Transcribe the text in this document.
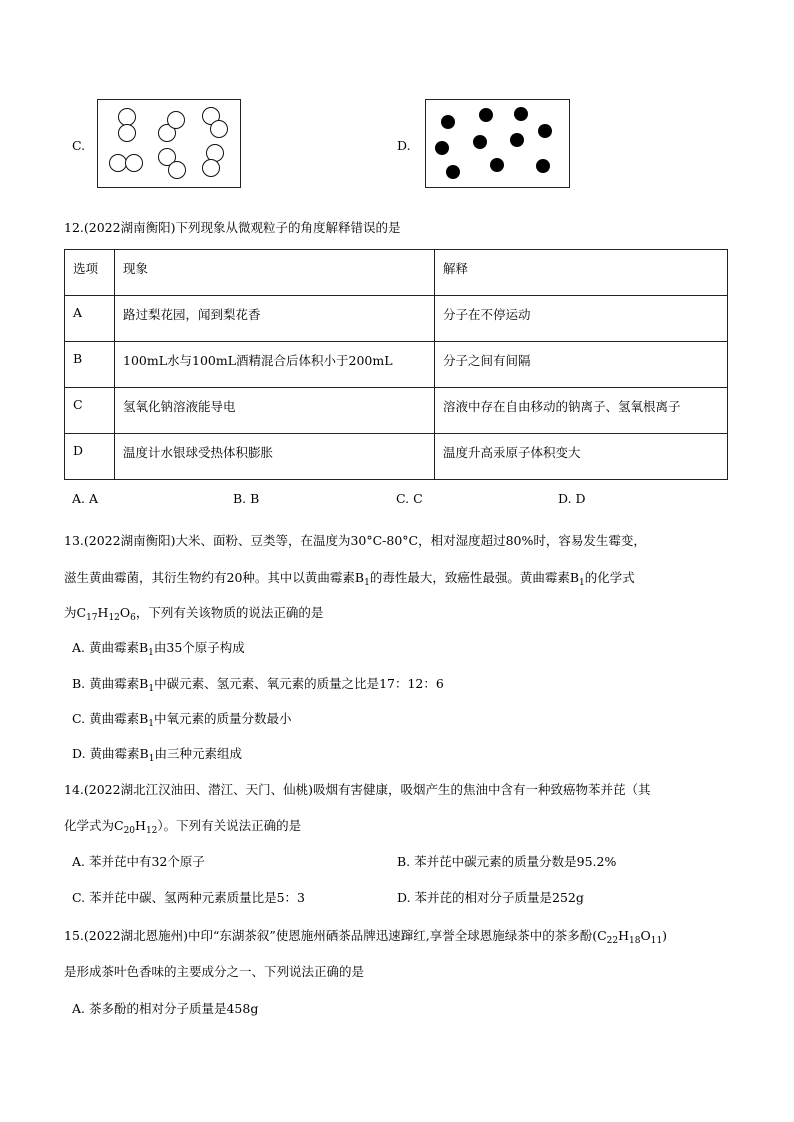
C.	D.
12.(2022湖南衡阳)下列现象从微观粒子的角度解释错误的是
选项	现象	解释
A	路过梨花园，闻到梨花香	分子在不停运动
B	100mL水与100mL酒精混合后体积小于200mL	分子之间有间隔
C	氢氧化钠溶液能导电	溶液中存在自由移动的钠离子、氢氧根离子
D	温度计水银球受热体积膨胀	温度升高汞原子体积变大
A. A	B. B	C. C	D. D
13.(2022湖南衡阳)大米、面粉、豆类等，在温度为30°C-80°C，相对湿度超过80%时，容易发生霉变，
滋生黄曲霉菌，其衍生物约有20种。其中以黄曲霉素$B_1$的毒性最大，致癌性最强。黄曲霉素$B_1$的化学式
为$C_{17}H_{12}O_6$，下列有关该物质的说法正确的是
A. 黄曲霉素$B_1$由35个原子构成
B. 黄曲霉素$B_1$中碳元素、氢元素、氧元素的质量之比是17：12：6
C. 黄曲霉素$B_1$中氧元素的质量分数最小
D. 黄曲霉素$B_1$由三种元素组成
14.(2022湖北江汉油田、潜江、天门、仙桃)吸烟有害健康，吸烟产生的焦油中含有一种致癌物苯并芘（其
化学式为$C_{20}H_{12}$）。下列有关说法正确的是
A. 苯并芘中有32个原子	B. 苯并芘中碳元素的质量分数是95.2%
C. 苯并芘中碳、氢两种元素质量比是5：3	D. 苯并芘的相对分子质量是252g
15.(2022湖北恩施州)中印“东湖茶叙”使恩施州硒茶品牌迅速蹿红,享誉全球恩施绿茶中的茶多酚$(C_{22}H_{18}O_{11})$
是形成茶叶色香味的主要成分之一、下列说法正确的是
A. 茶多酚的相对分子质量是458g
